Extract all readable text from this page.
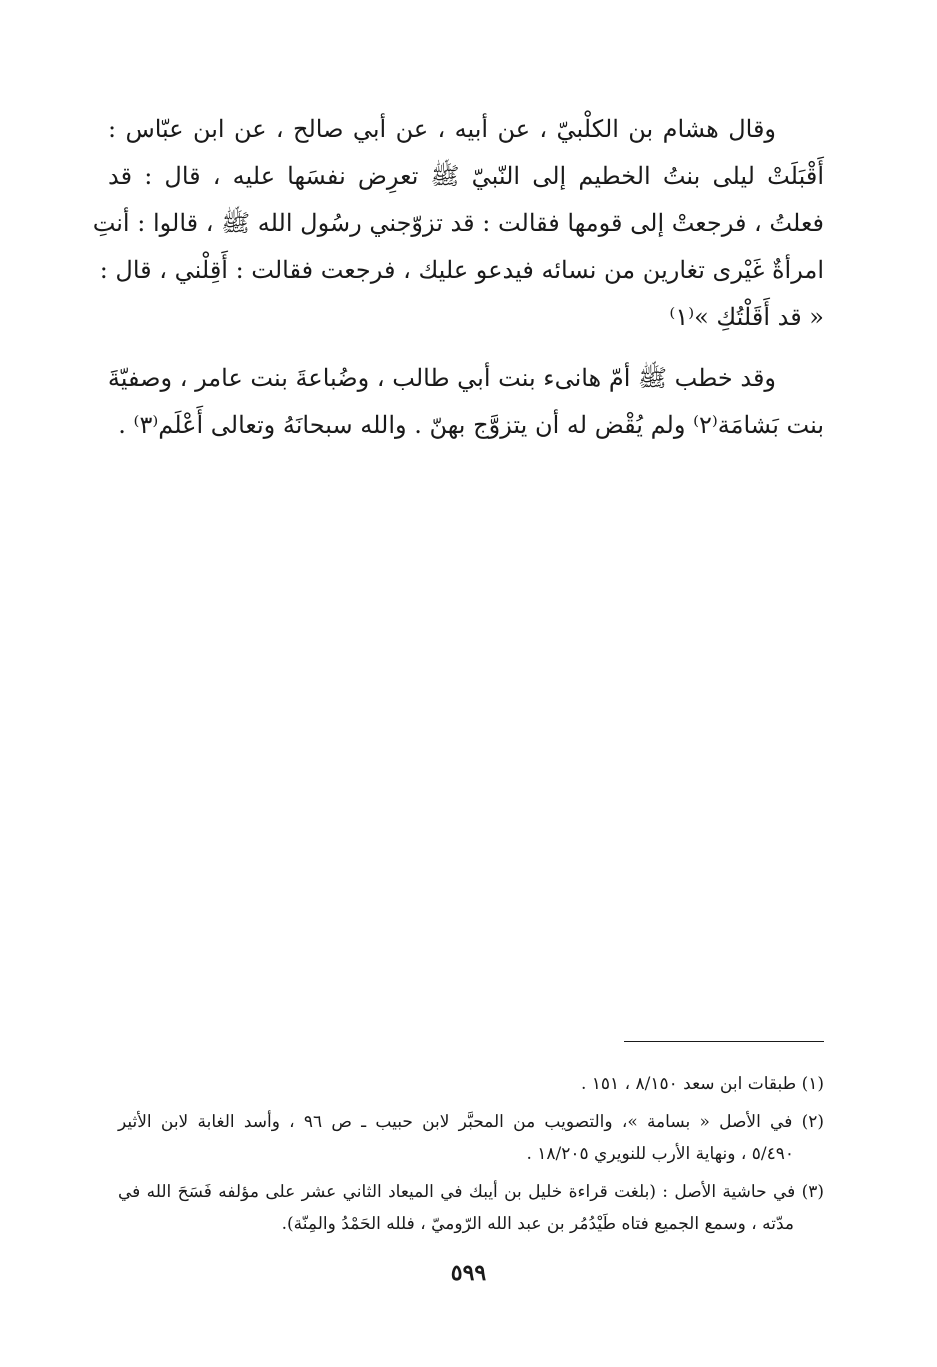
وقال هشام بن الكلْبيّ ، عن أبيه ، عن أبي صالح ، عن ابن عبّاس :
أَقْبَلَتْ ليلى بنتُ الخطيم إلى النّبيّ ﷺ تعرِض نفسَها عليه ، قال : قد
فعلتُ ، فرجعتْ إلى قومها فقالت : قد تزوّجني رسُول الله ﷺ ، قالوا : أنتِ
امرأةٌ غَيْرى تغارين من نسائه فيدعو عليك ، فرجعت فقالت : أَقِلْني ، قال :
« قد أَقَلْتُكِ »⁽١⁾

وقد خطب ﷺ أمّ هانىء بنت أبي طالب ، وضُباعةَ بنت عامر ، وصفيّةَ
بنت بَشامَة⁽٢⁾ ولم يُقْض له أن يتزوَّج بهنّ . والله سبحانَهُ وتعالى أَعْلَم⁽٣⁾ .

(١) طبقات ابن سعد ٨/١٥٠ ، ١٥١ .

(٢) في الأصل « بسامة »، والتصويب من المحبَّر لابن حبيب ـ ص ٩٦ ، وأسد الغابة لابن الأثير
٥/٤٩٠ ، ونهاية الأرب للنويري ١٨/٢٠٥ .

(٣) في حاشية الأصل : (بلغت قراءة خليل بن أيبك في الميعاد الثاني عشر على مؤلفه فَسَحَ الله في
مدّته ، وسمع الجميع فتاه طَيْدُمُر بن عبد الله الرّوميّ ، فلله الحَمْدُ والمِنّة).

٥٩٩
